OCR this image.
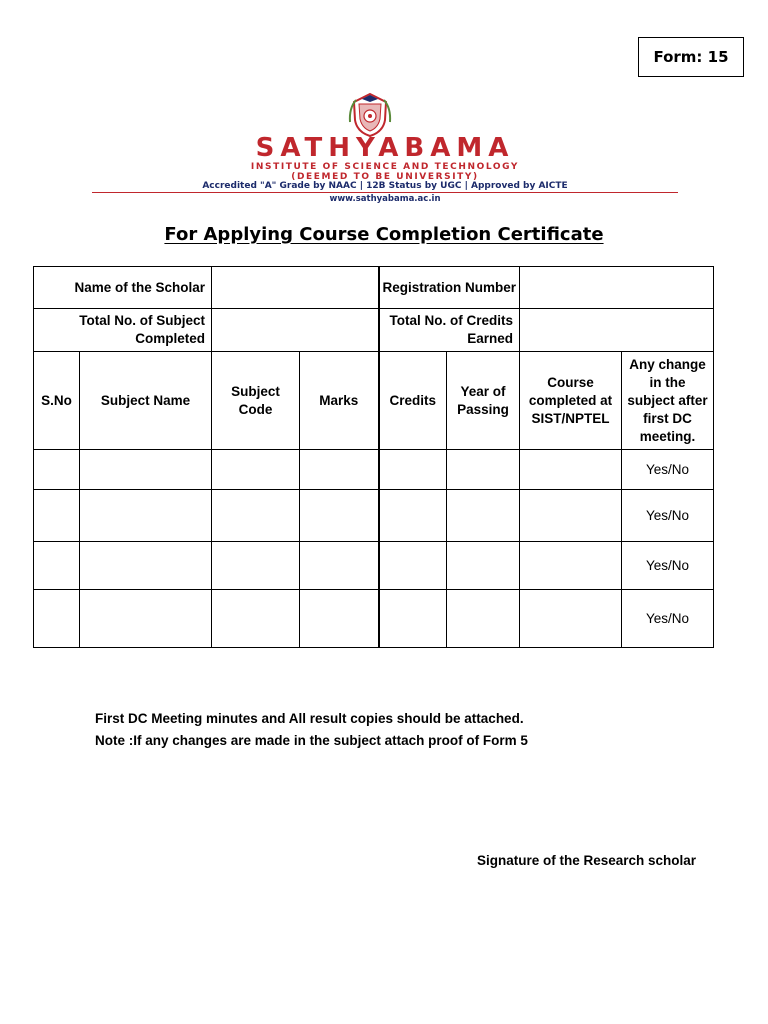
Form: 15
SATHYABAMA
INSTITUTE OF SCIENCE AND TECHNOLOGY
(DEEMED TO BE UNIVERSITY)
Accredited "A" Grade by NAAC | 12B Status by UGC | Approved by AICTE
www.sathyabama.ac.in
For Applying Course Completion Certificate
Name of the Scholar				Registration Number			
Total No. of Subject Completed				Total No. of Credits Earned			
S.No	Subject Name	Subject Code	Marks	Credits	Year of Passing	Course completed at SIST/NPTEL	Any change in the subject after first DC meeting.
							Yes/No
							Yes/No
							Yes/No
							Yes/No
First DC Meeting minutes and All result copies should be attached.
Note :If any changes are made in the subject attach proof of Form 5
Signature of the Research scholar
